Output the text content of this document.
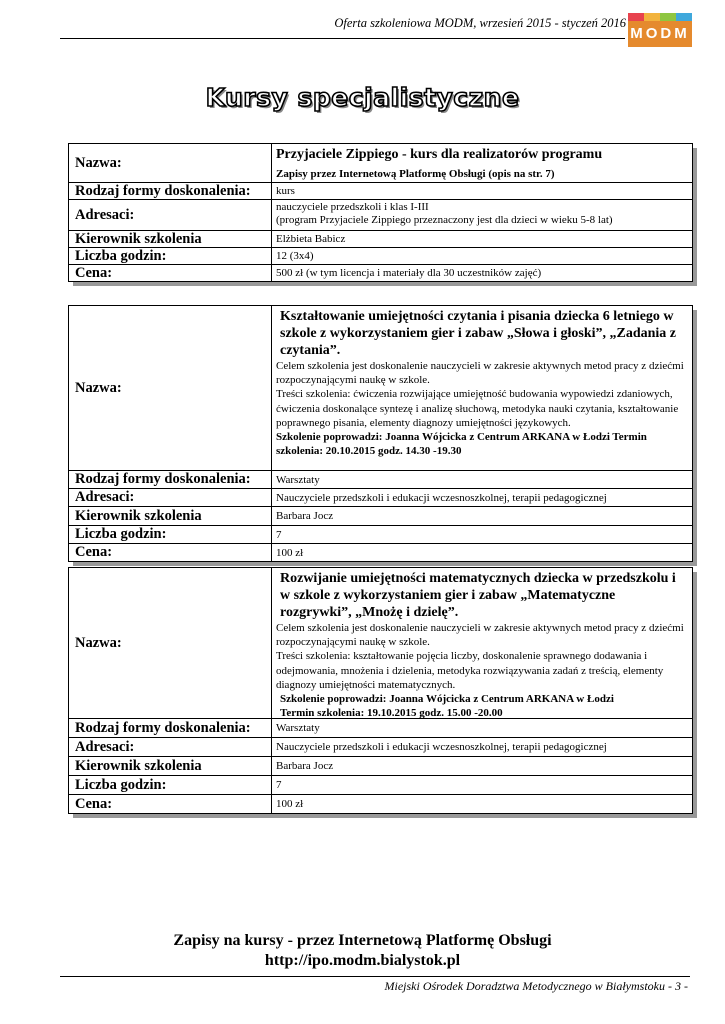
Oferta szkoleniowa MODM, wrzesień 2015 - styczeń 2016
MODM
Kursy specjalistyczne
Nazwa:	Przyjaciele Zippiego - kurs dla realizatorów programu
Zapisy przez Internetową Platformę Obsługi (opis na str. 7)
Rodzaj formy doskonalenia:	kurs
Adresaci:	nauczyciele przedszkoli i klas I-III
(program Przyjaciele Zippiego przeznaczony jest dla dzieci w wieku 5-8 lat)
Kierownik szkolenia	Elżbieta Babicz
Liczba godzin:	12 (3x4)
Cena:	500 zł (w tym licencja i materiały dla 30 uczestników zajęć)
Nazwa:
Kształtowanie umiejętności czytania i pisania dziecka 6 letniego w szkole z wykorzystaniem gier i zabaw „Słowa i głoski”, „Zadania z czytania”.
Celem szkolenia jest doskonalenie nauczycieli w zakresie aktywnych metod pracy z dziećmi rozpoczynającymi naukę w szkole.
Treści szkolenia: ćwiczenia rozwijające umiejętność budowania wypowiedzi zdaniowych, ćwiczenia doskonalące syntezę i analizę słuchową, metodyka nauki czytania, kształtowanie poprawnego pisania, elementy diagnozy umiejętności językowych.
Szkolenie poprowadzi: Joanna Wójcicka z Centrum ARKANA w Łodzi Termin szkolenia: 20.10.2015 godz. 14.30 -19.30
Rodzaj formy doskonalenia:	Warsztaty
Adresaci:	Nauczyciele przedszkoli i edukacji wczesnoszkolnej, terapii pedagogicznej
Kierownik szkolenia	Barbara Jocz
Liczba godzin:	7
Cena:	100 zł
Nazwa:
Rozwijanie umiejętności matematycznych dziecka w przedszkolu i w szkole z wykorzystaniem gier i zabaw „Matematyczne rozgrywki”, „Mnożę i dzielę”.
Celem szkolenia jest doskonalenie nauczycieli w zakresie aktywnych metod pracy z dziećmi rozpoczynającymi naukę w szkole.
Treści szkolenia: kształtowanie pojęcia liczby, doskonalenie sprawnego dodawania i odejmowania, mnożenia i dzielenia, metodyka rozwiązywania zadań z treścią, elementy diagnozy umiejętności matematycznych.
Szkolenie poprowadzi: Joanna Wójcicka z Centrum ARKANA w Łodzi
Termin szkolenia: 19.10.2015 godz. 15.00 -20.00
Rodzaj formy doskonalenia:	Warsztaty
Adresaci:	Nauczyciele przedszkoli i edukacji wczesnoszkolnej, terapii pedagogicznej
Kierownik szkolenia	Barbara Jocz
Liczba godzin:	7
Cena:	100 zł
Zapisy na kursy - przez Internetową Platformę Obsługi
http://ipo.modm.bialystok.pl
Miejski Ośrodek Doradztwa Metodycznego w Białymstoku - 3 -
